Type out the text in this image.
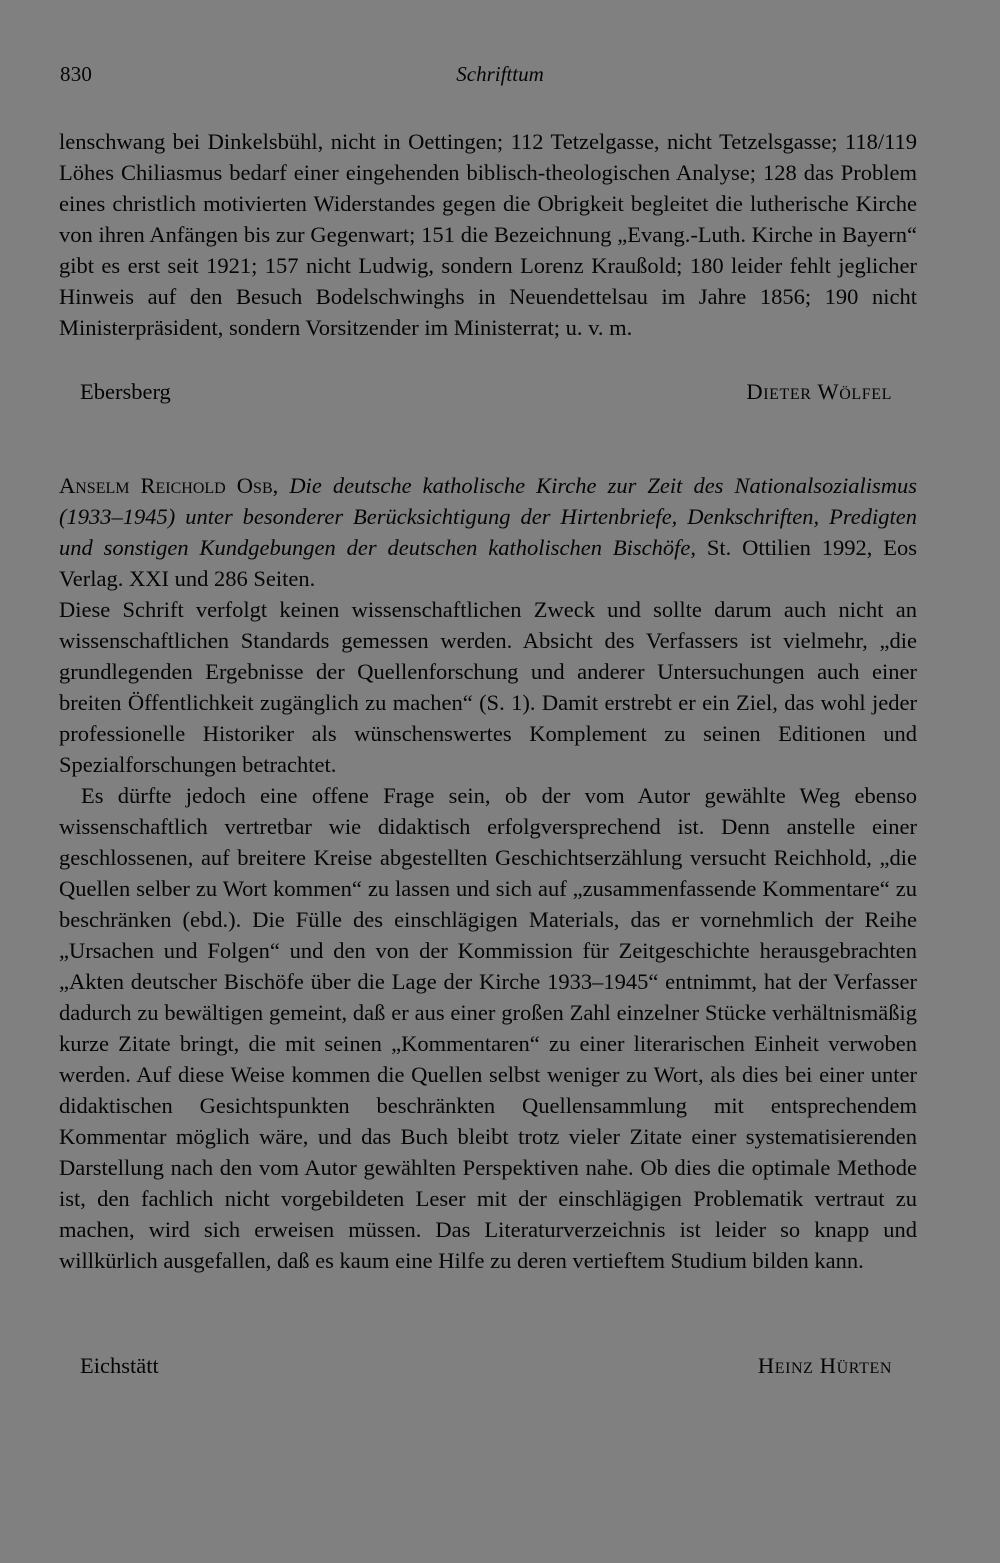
830	Schrifttum

lenschwang bei Dinkelsbühl, nicht in Oettingen; 112 Tetzelgasse, nicht Tetzelsgasse; 118/119 Löhes Chiliasmus bedarf einer eingehenden biblisch-theologischen Analyse; 128 das Problem eines christlich motivierten Widerstandes gegen die Obrigkeit begleitet die lutherische Kirche von ihren Anfängen bis zur Gegenwart; 151 die Bezeichnung „Evang.-Luth. Kirche in Bayern“ gibt es erst seit 1921; 157 nicht Ludwig, sondern Lorenz Kraußold; 180 leider fehlt jeglicher Hinweis auf den Besuch Bodelschwinghs in Neuendettelsau im Jahre 1856; 190 nicht Ministerpräsident, sondern Vorsitzender im Ministerrat; u. v. m.

Ebersberg	Dieter Wölfel

Anselm Reichold Osb, Die deutsche katholische Kirche zur Zeit des Nationalsozialismus (1933–1945) unter besonderer Berücksichtigung der Hirtenbriefe, Denkschriften, Predigten und sonstigen Kundgebungen der deutschen katholischen Bischöfe, St. Ottilien 1992, Eos Verlag. XXI und 286 Seiten.

Diese Schrift verfolgt keinen wissenschaftlichen Zweck und sollte darum auch nicht an wissenschaftlichen Standards gemessen werden. Absicht des Verfassers ist vielmehr, „die grundlegenden Ergebnisse der Quellenforschung und anderer Untersuchungen auch einer breiten Öffentlichkeit zugänglich zu machen“ (S. 1). Damit erstrebt er ein Ziel, das wohl jeder professionelle Historiker als wünschenswertes Komplement zu seinen Editionen und Spezialforschungen betrachtet.

Es dürfte jedoch eine offene Frage sein, ob der vom Autor gewählte Weg ebenso wissenschaftlich vertretbar wie didaktisch erfolgversprechend ist. Denn anstelle einer geschlossenen, auf breitere Kreise abgestellten Geschichtserzählung versucht Reichhold, „die Quellen selber zu Wort kommen“ zu lassen und sich auf „zusammenfassende Kommentare“ zu beschränken (ebd.). Die Fülle des einschlägigen Materials, das er vornehmlich der Reihe „Ursachen und Folgen“ und den von der Kommission für Zeitgeschichte herausgebrachten „Akten deutscher Bischöfe über die Lage der Kirche 1933–1945“ entnimmt, hat der Verfasser dadurch zu bewältigen gemeint, daß er aus einer großen Zahl einzelner Stücke verhältnismäßig kurze Zitate bringt, die mit seinen „Kommentaren“ zu einer literarischen Einheit verwoben werden. Auf diese Weise kommen die Quellen selbst weniger zu Wort, als dies bei einer unter didaktischen Gesichtspunkten beschränkten Quellensammlung mit entsprechendem Kommentar möglich wäre, und das Buch bleibt trotz vieler Zitate einer systematisierenden Darstellung nach den vom Autor gewählten Perspektiven nahe. Ob dies die optimale Methode ist, den fachlich nicht vorgebildeten Leser mit der einschlägigen Problematik vertraut zu machen, wird sich erweisen müssen. Das Literaturverzeichnis ist leider so knapp und willkürlich ausgefallen, daß es kaum eine Hilfe zu deren vertieftem Studium bilden kann.

Eichstätt	Heinz Hürten
